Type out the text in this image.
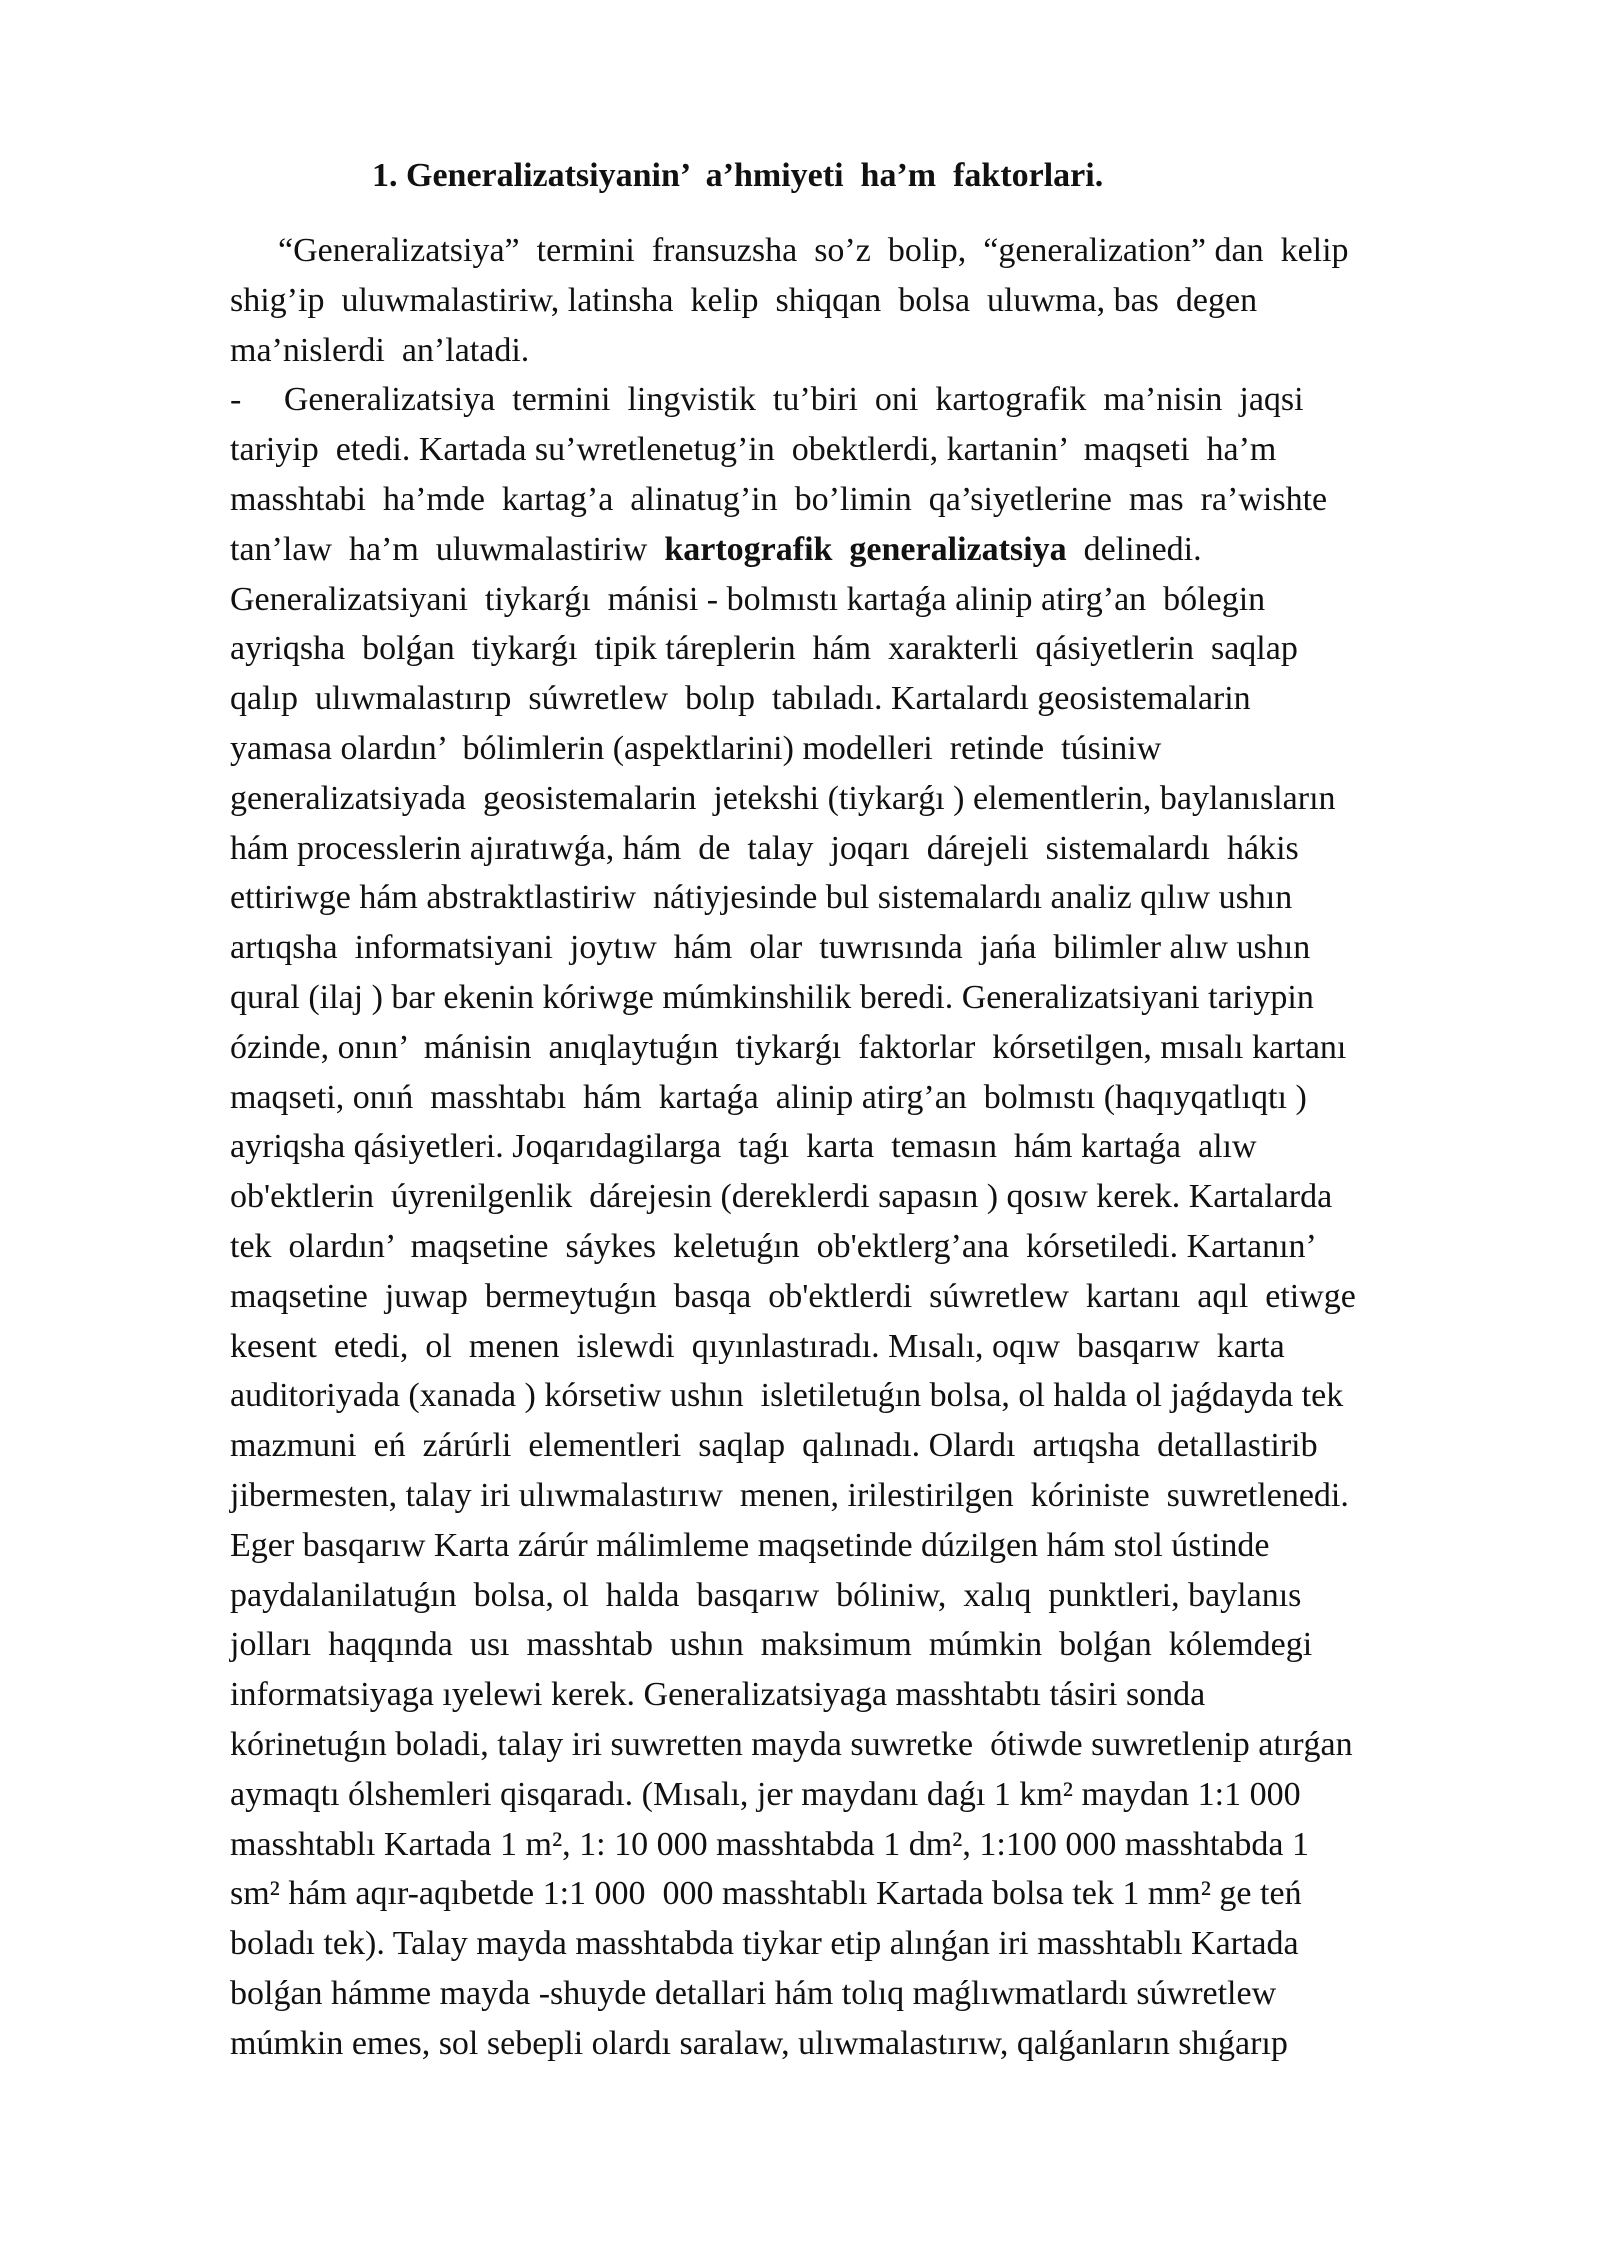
1. Generalizatsiyanin’  a’hmiyeti  ha’m  faktorlari.
“Generalizatsiya”  termini  fransuzsha  so’z  bolip,  “generalization” dan  kelip
shig’ip  uluwmalastiriw, latinsha  kelip  shiqqan  bolsa  uluwma, bas  degen
ma’nislerdi  an’latadi.
-     Generalizatsiya  termini  lingvistik  tu’biri  oni  kartografik  ma’nisin  jaqsi
tariyip  etedi. Kartada su’wretlenetug’in  obektlerdi, kartanin’  maqseti  ha’m
masshtabi  ha’mde  kartag’a  alinatug’in  bo’limin  qa’siyetlerine  mas  ra’wishte
tan’law  ha’m  uluwmalastiriw  kartografik  generalizatsiya  delinedi.
Generalizatsiyani  tiykarǵı  mánisi - bolmıstı kartaǵa alinip atirg’an  bólegin
ayriqsha  bolǵan  tiykarǵı  tipik táreplerin  hám  xarakterli  qásiyetlerin  saqlap
qalıp  ulıwmalastırıp  súwretlew  bolıp  tabıladı. Kartalardı geosistemalarin
yamasa olardın’  bólimlerin (aspektlarini) modelleri  retinde  túsiniw
generalizatsiyada  geosistemalarin  jetekshi (tiykarǵı ) elementlerin, baylanısların
hám processlerin ajıratıwǵa, hám  de  talay  joqarı  dárejeli  sistemalardı  hákis
ettiriwge hám abstraktlastiriw  nátiyjesinde bul sistemalardı analiz qılıw ushın
artıqsha  informatsiyani  joytıw  hám  olar  tuwrısında  jańa  bilimler alıw ushın
qural (ilaj ) bar ekenin kóriwge múmkinshilik beredi. Generalizatsiyani tariypin
ózinde, onın’  mánisin  anıqlaytuǵın  tiykarǵı  faktorlar  kórsetilgen, mısalı kartanı
maqseti, onıń  masshtabı  hám  kartaǵa  alinip atirg’an  bolmıstı (haqıyqatlıqtı )
ayriqsha qásiyetleri. Joqarıdagilarga  taǵı  karta  temasın  hám kartaǵa  alıw
ob'ektlerin  úyrenilgenlik  dárejesin (dereklerdi sapasın ) qosıw kerek. Kartalarda
tek  olardın’  maqsetine  sáykes  keletuǵın  ob'ektlerg’ana  kórsetiledi. Kartanın’
maqsetine  juwap  bermeytuǵın  basqa  ob'ektlerdi  súwretlew  kartanı  aqıl  etiwge
kesent  etedi,  ol  menen  islewdi  qıyınlastıradı. Mısalı, oqıw  basqarıw  karta
auditoriyada (xanada ) kórsetiw ushın  isletiletuǵın bolsa, ol halda ol jaǵdayda tek
mazmuni  eń  zárúrli  elementleri  saqlap  qalınadı. Olardı  artıqsha  detallastirib
jibermesten, talay iri ulıwmalastırıw  menen, irilestirilgen  kóriniste  suwretlenedi.
Eger basqarıw Karta zárúr málimleme maqsetinde dúzilgen hám stol ústinde
paydalanilatuǵın  bolsa, ol  halda  basqarıw  bóliniw,  xalıq  punktleri, baylanıs
jolları  haqqında  usı  masshtab  ushın  maksimum  múmkin  bolǵan  kólemdegi
informatsiyaga ıyelewi kerek. Generalizatsiyaga masshtabtı tásiri sonda
kórinetuǵın boladi, talay iri suwretten mayda suwretke  ótiwde suwretlenip atırǵan
aymaqtı ólshemleri qisqaradı. (Mısalı, jer maydanı daǵı 1 km² maydan 1:1 000
masshtablı Kartada 1 m², 1: 10 000 masshtabda 1 dm², 1:100 000 masshtabda 1
sm² hám aqır-aqıbetde 1:1 000  000 masshtablı Kartada bolsa tek 1 mm² ge teń
boladı tek). Talay mayda masshtabda tiykar etip alınǵan iri masshtablı Kartada
bolǵan hámme mayda -shuyde detallari hám tolıq maǵlıwmatlardı súwretlew
múmkin emes, sol sebepli olardı saralaw, ulıwmalastırıw, qalǵanların shıǵarıp
